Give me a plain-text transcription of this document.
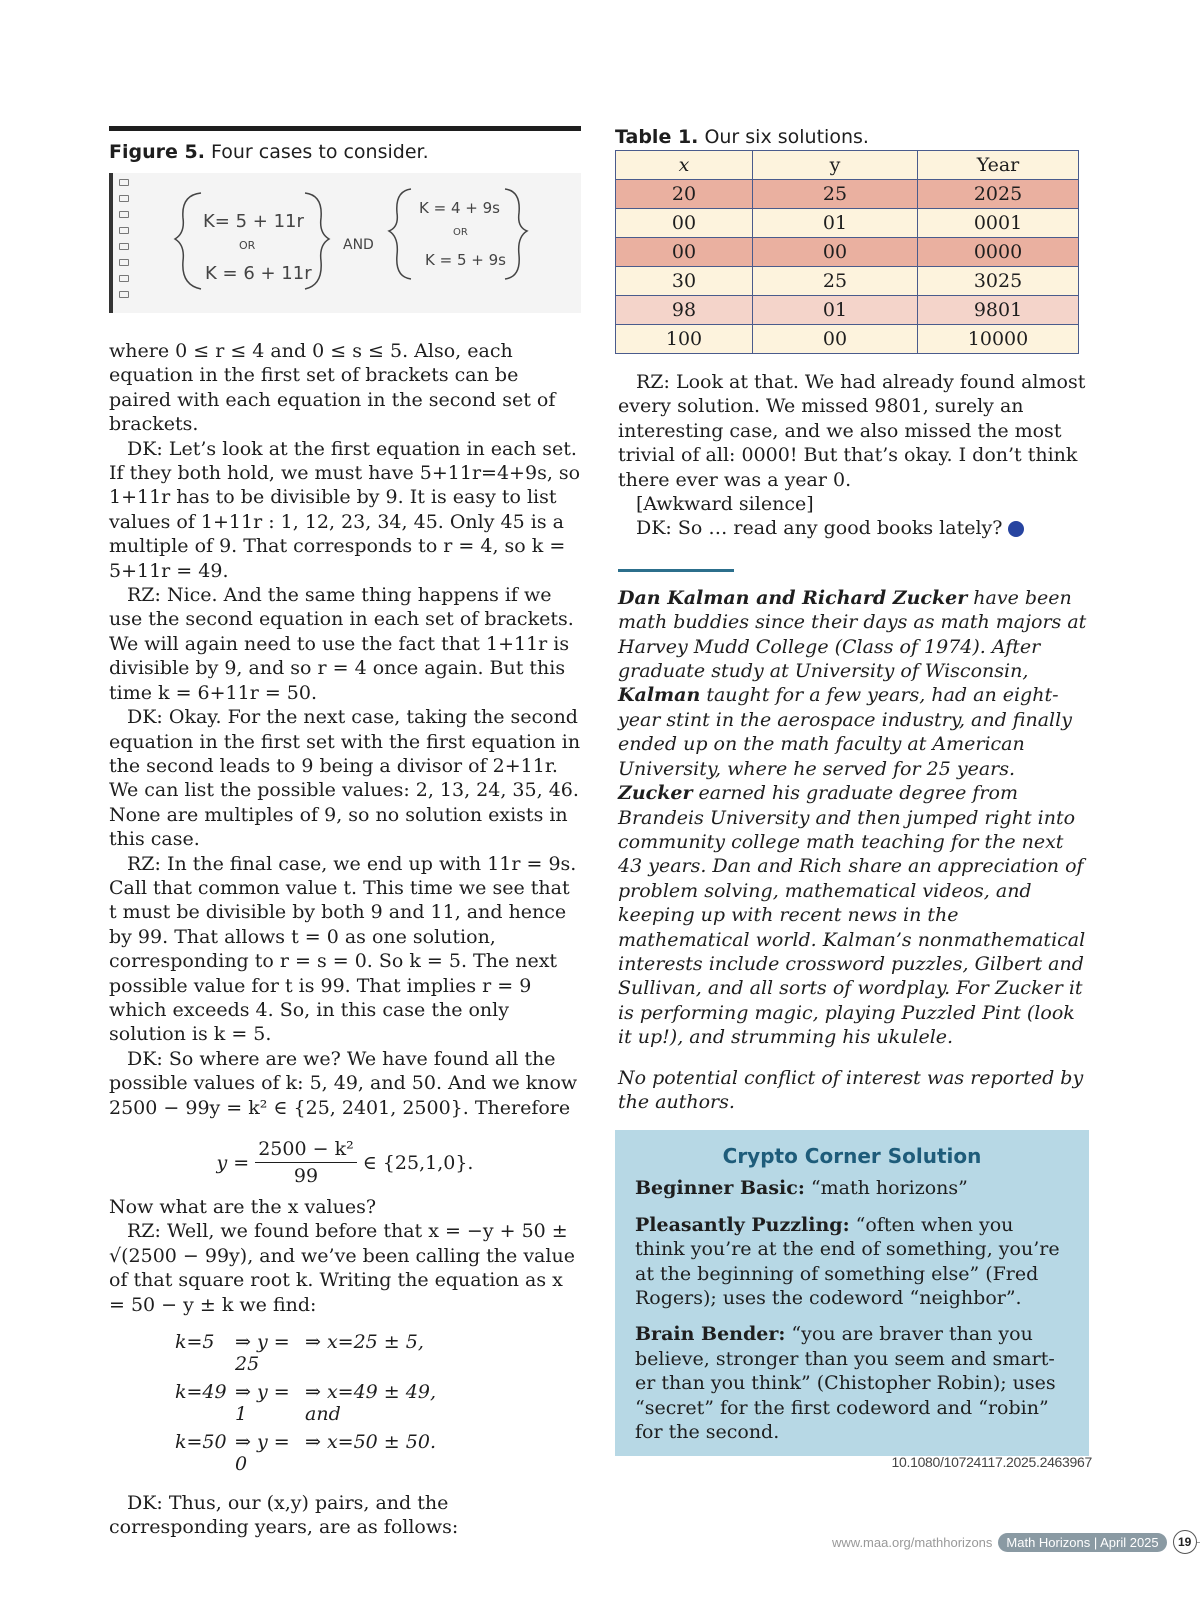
Figure 5. Four cases to consider.

K= 5 + 11r
OR
K = 6 + 11r
AND
K = 4 + 9s
OR
K = 5 + 9s

where 0 ≤ r ≤ 4 and 0 ≤ s ≤ 5. Also, each equation in the first set of brackets can be paired with each equation in the second set of brackets.

DK: Let’s look at the first equation in each set. If they both hold, we must have 5+11r=4+9s, so 1+11r has to be divisible by 9. It is easy to list values of 1+11r : 1, 12, 23, 34, 45. Only 45 is a multiple of 9. That corresponds to r = 4, so k = 5+11r = 49.

RZ: Nice. And the same thing happens if we use the second equation in each set of brackets. We will again need to use the fact that 1+11r is divisible by 9, and so r = 4 once again. But this time k = 6+11r = 50.

DK: Okay. For the next case, taking the second equation in the first set with the first equation in the second leads to 9 being a divisor of 2+11r. We can list the possible values: 2, 13, 24, 35, 46. None are multiples of 9, so no solution exists in this case.

RZ: In the final case, we end up with 11r = 9s. Call that common value t. This time we see that t must be divisible by both 9 and 11, and hence by 99. That allows t = 0 as one solution, corresponding to r = s = 0. So k = 5. The next possible value for t is 99. That implies r = 9 which exceeds 4. So, in this case the only solution is k = 5.

DK: So where are we? We have found all the possible values of k: 5, 49, and 50. And we know 2500 − 99y = k² ∈ {25, 2401, 2500}. Therefore

$y = \frac{\text{2500 − k²}}{99}$ ∈ {25,1,0}.

Now what are the x values?

RZ: Well, we found before that x = −y + 50 ± √(2500 − 99y), and we’ve been calling the value of that square root k. Writing the equation as x = 50 − y ± k we find:

k=5	⇒ y = 25
⇒ x=25 ± 5,
k=49 ⇒ y = 1
⇒ x=49 ± 49, and
k=50 ⇒ y = 0
⇒ x=50 ± 50.

DK: Thus, our (x,y) pairs, and the corresponding years, are as follows:

Table 1. Our six solutions.

x	y	Year
20	25	2025
00	01	0001
00	00	0000
30	25	3025
98	01	9801
100	00	10000

RZ: Look at that. We had already found almost every solution. We missed 9801, surely an interesting case, and we also missed the most trivial of all: 0000! But that’s okay. I don’t think there ever was a year 0.

[Awkward silence]

DK: So … read any good books lately?

Dan Kalman and Richard Zucker have been math buddies since their days as math majors at Harvey Mudd College (Class of 1974). After graduate study at University of Wisconsin, Kalman taught for a few years, had an eight-year stint in the aerospace industry, and finally ended up on the math faculty at American University, where he served for 25 years. Zucker earned his graduate degree from Brandeis University and then jumped right into community college math teaching for the next 43 years. Dan and Rich share an appreciation of problem solving, mathematical videos, and keeping up with recent news in the mathematical world. Kalman’s nonmathematical interests include crossword puzzles, Gilbert and Sullivan, and all sorts of wordplay. For Zucker it is performing magic, playing Puzzled Pint (look it up!), and strumming his ukulele.

No potential conflict of interest was reported by the authors.

Crypto Corner Solution

Beginner Basic: “math horizons”

Pleasantly Puzzling: “often when you think you’re at the end of something, you’re at the beginning of something else” (Fred Rogers); uses the codeword “neighbor”.

Brain Bender: “you are braver than you believe, stronger than you seem and smart-er than you think” (Chistopher Robin); uses “secret” for the first codeword and “robin” for the second.

10.1080/10724117.2025.2463967
www.maa.org/mathhorizons	Math Horizons | April 2025	19
